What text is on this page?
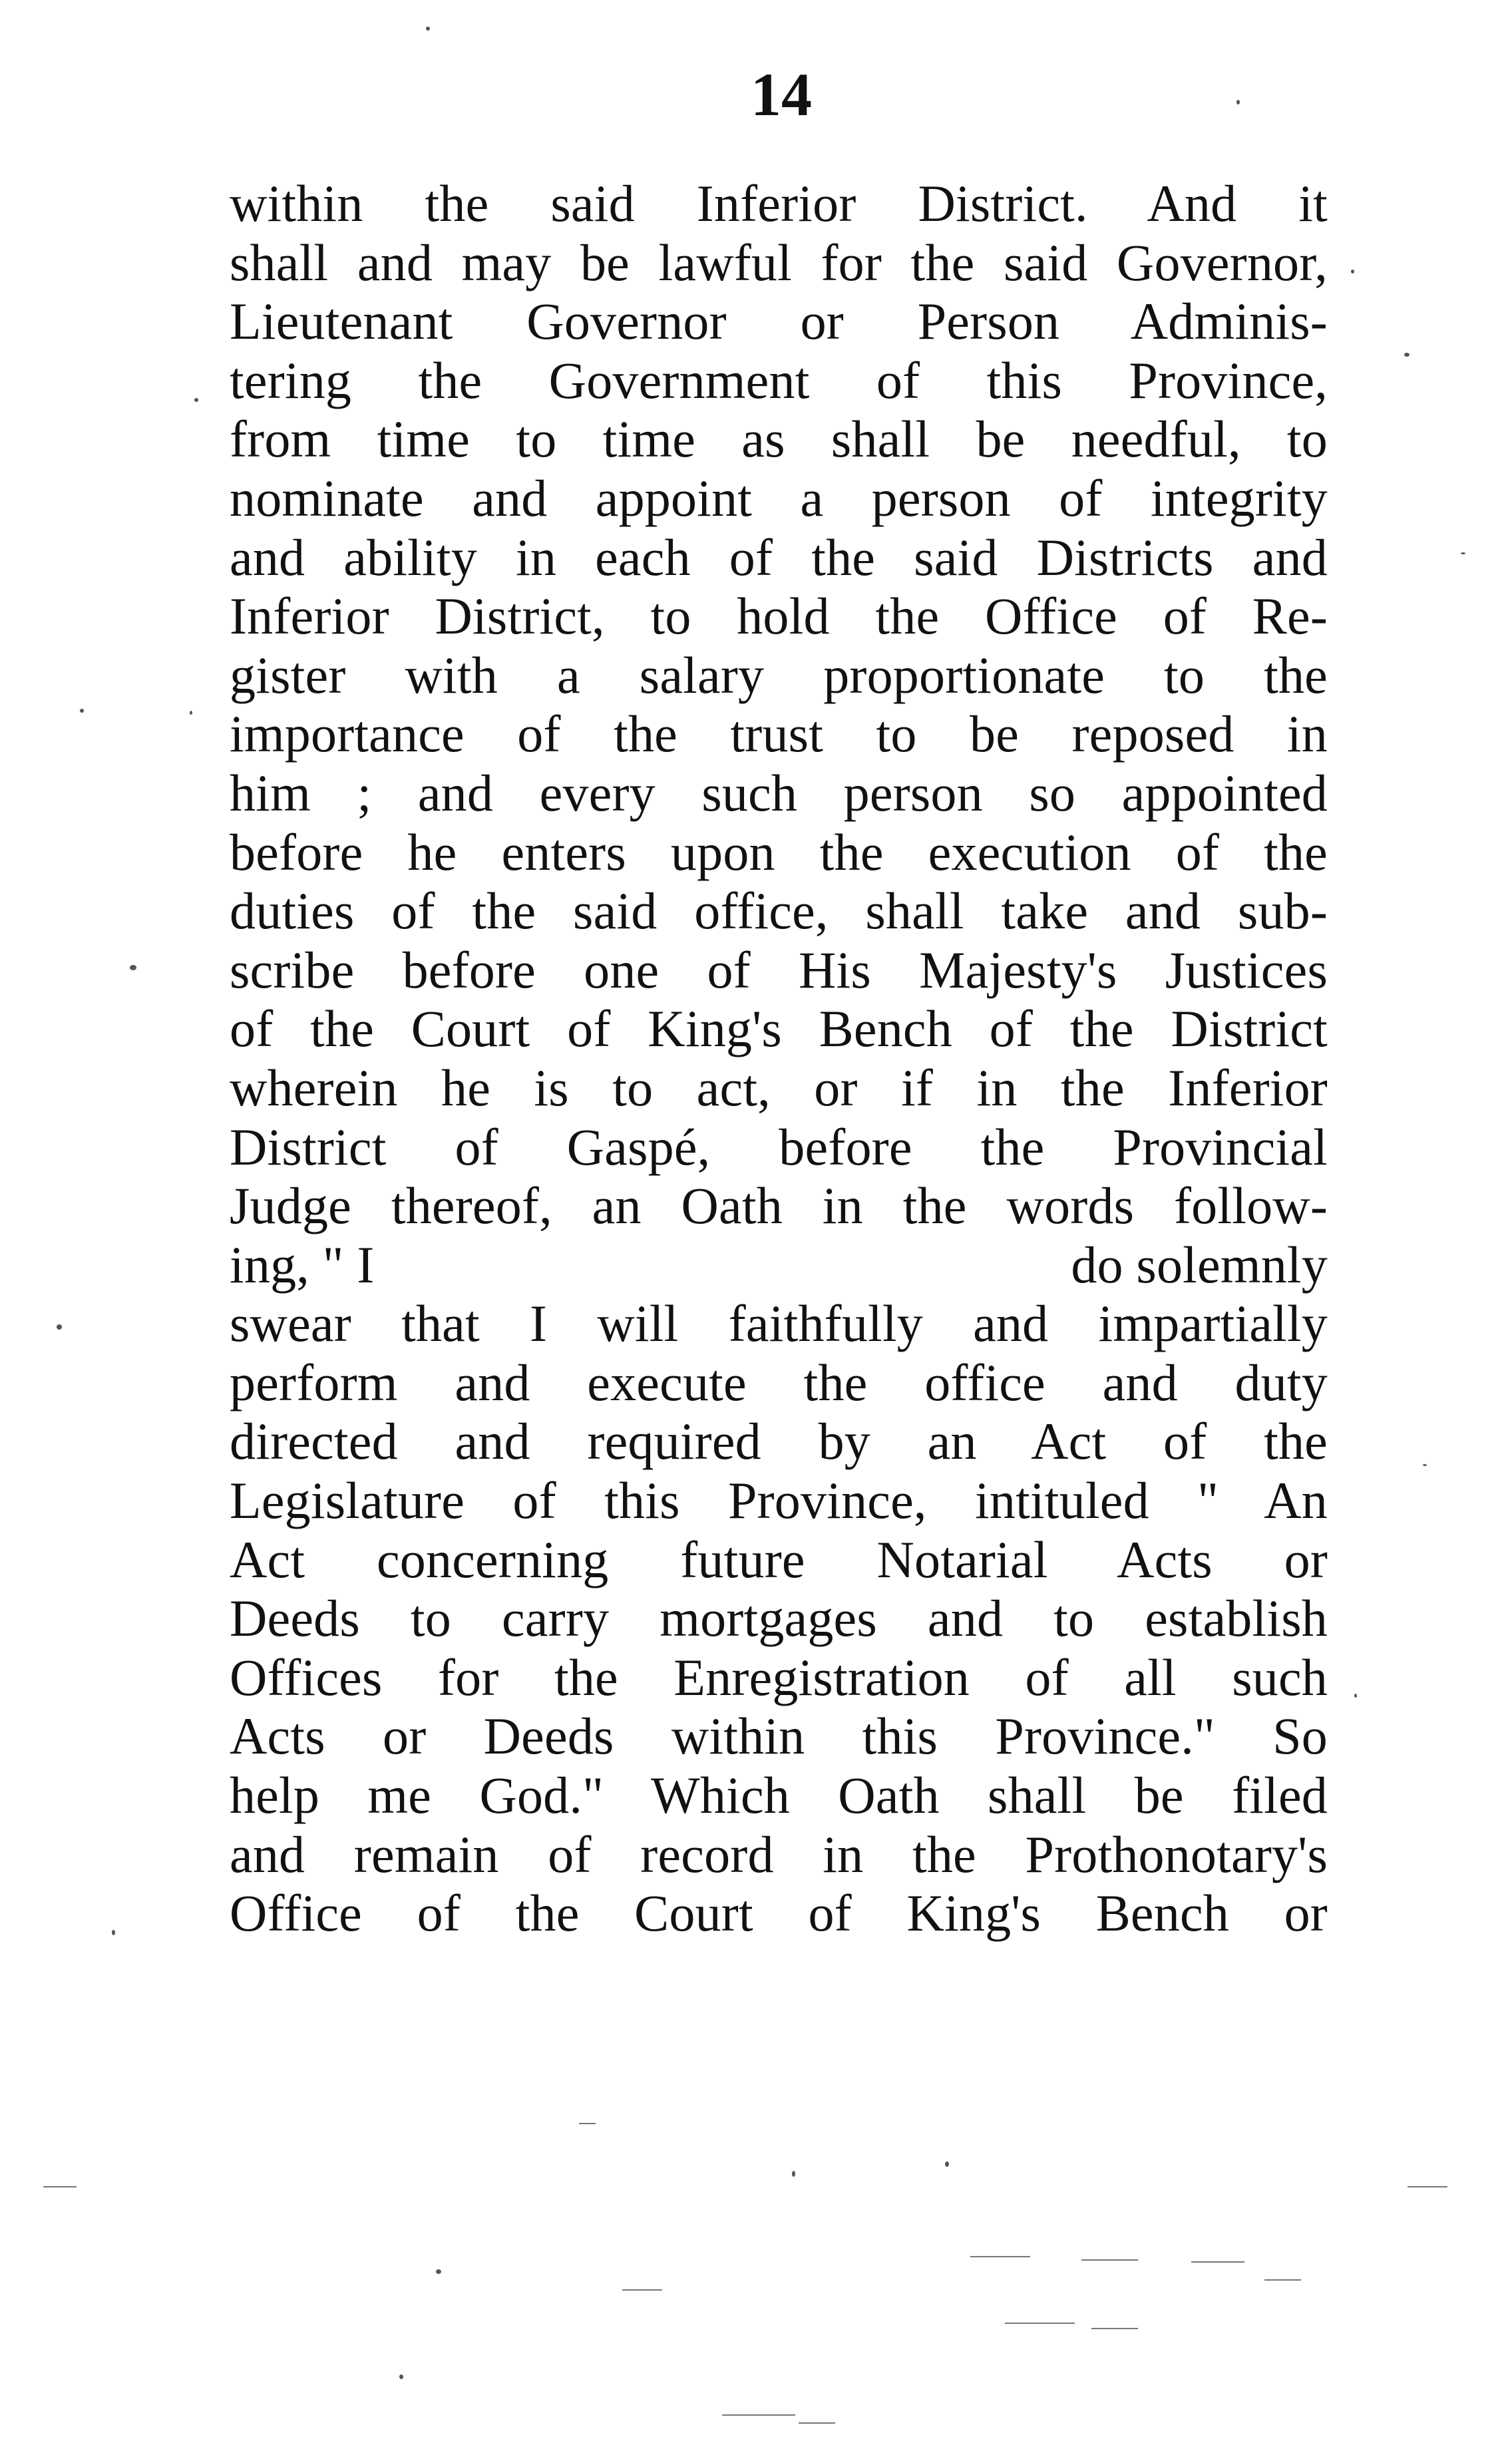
14
within the said Inferior District. And it
shall and may be lawful for the said Governor,
Lieutenant Governor or Person Adminis-
tering the Government of this Province,
from time to time as shall be needful, to
nominate and appoint a person of integrity
and ability in each of the said Districts and
Inferior District, to hold the Office of Re-
gister with a salary proportionate to the
importance of the trust to be reposed in
him ; and every such person so appointed
before he enters upon the execution of the
duties of the said office, shall take and sub-
scribe before one of His Majesty's Justices
of the Court of King's Bench of the District
wherein he is to act, or if in the Inferior
District of Gaspé, before the Provincial
Judge thereof, an Oath in the words follow-
ing, " I	do solemnly
swear that I will faithfully and impartially
perform and execute the office and duty
directed and required by an Act of the
Legislature of this Province, intituled " An
Act concerning future Notarial Acts or
Deeds to carry mortgages and to establish
Offices for the Enregistration of all such
Acts or Deeds within this Province." So
help me God." Which Oath shall be filed
and remain of record in the Prothonotary's
Office of the Court of King's Bench or
